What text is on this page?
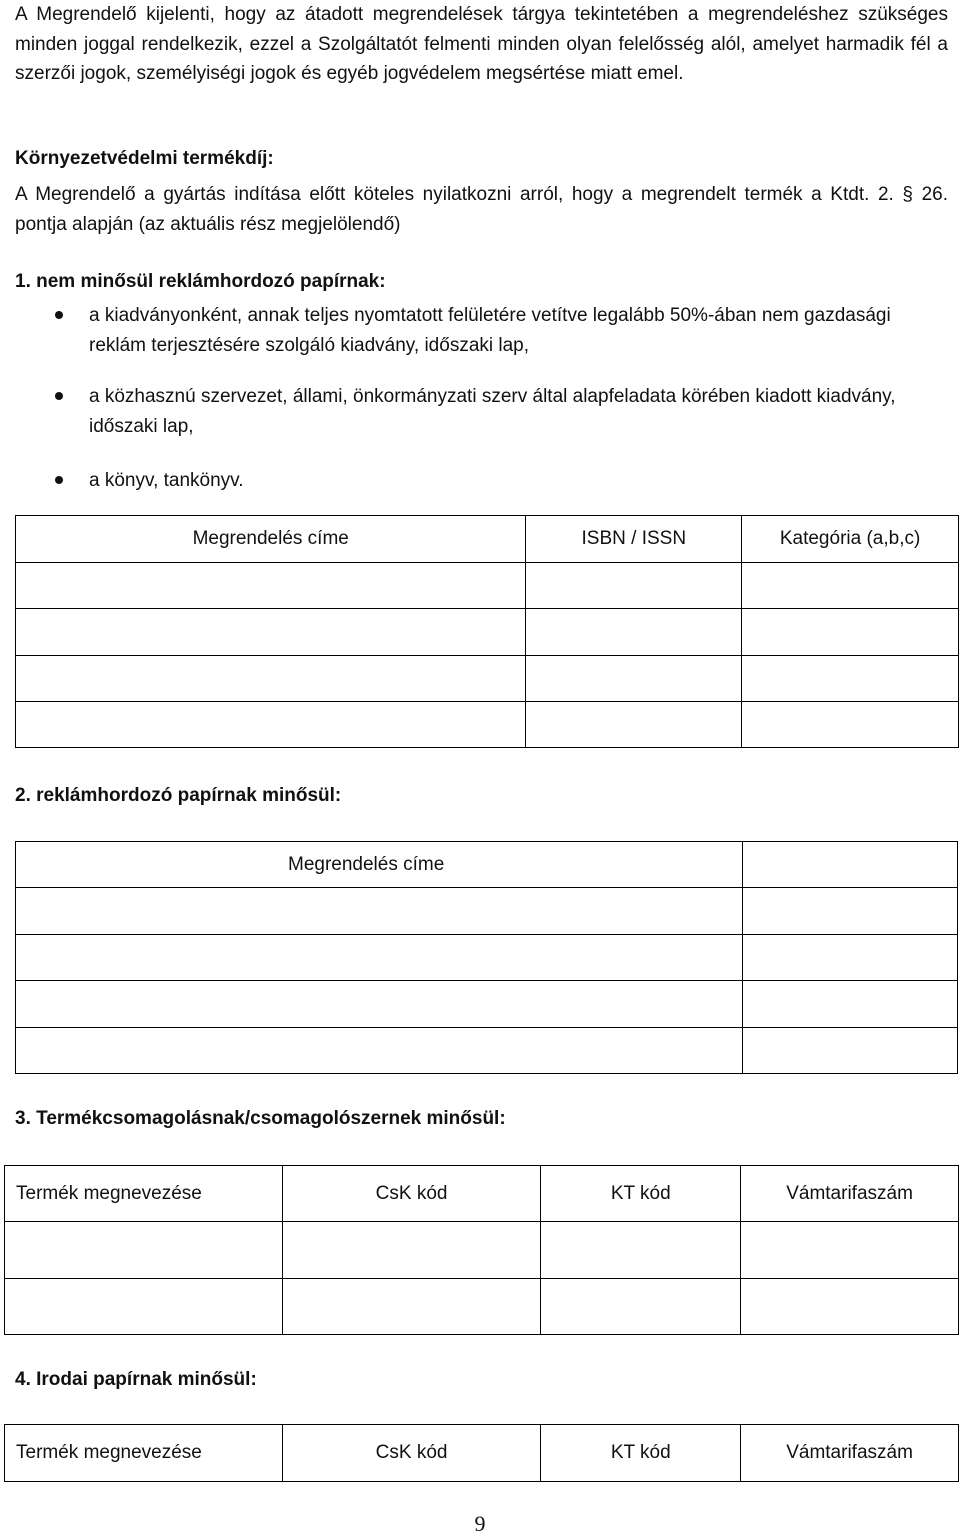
A Megrendelő kijelenti, hogy az átadott megrendelések tárgya tekintetében a megrendeléshez szükséges minden joggal rendelkezik, ezzel a Szolgáltatót felmenti minden olyan felelősség alól, amelyet harmadik fél a szerzői jogok, személyiségi jogok és egyéb jogvédelem megsértése miatt emel.
Környezetvédelmi termékdíj:
A Megrendelő a gyártás indítása előtt köteles nyilatkozni arról, hogy a megrendelt termék a Ktdt. 2. § 26. pontja alapján (az aktuális rész megjelölendő)
1. nem minősül reklámhordozó papírnak:
a kiadványonként, annak teljes nyomtatott felületére vetítve legalább 50%-ában nem gazdasági reklám terjesztésére szolgáló kiadvány, időszaki lap,
a közhasznú szervezet, állami, önkormányzati szerv által alapfeladata körében kiadott kiadvány, időszaki lap,
a könyv, tankönyv.
Megrendelés címe	ISBN / ISSN	Kategória (a,b,c)

2. reklámhordozó papírnak minősül:
Megrendelés címe	

3. Termékcsomagolásnak/csomagolószernek minősül:
Termék megnevezése	CsK kód	KT kód	Vámtarifaszám

4. Irodai papírnak minősül:
Termék megnevezése	CsK kód	KT kód	Vámtarifaszám
9
